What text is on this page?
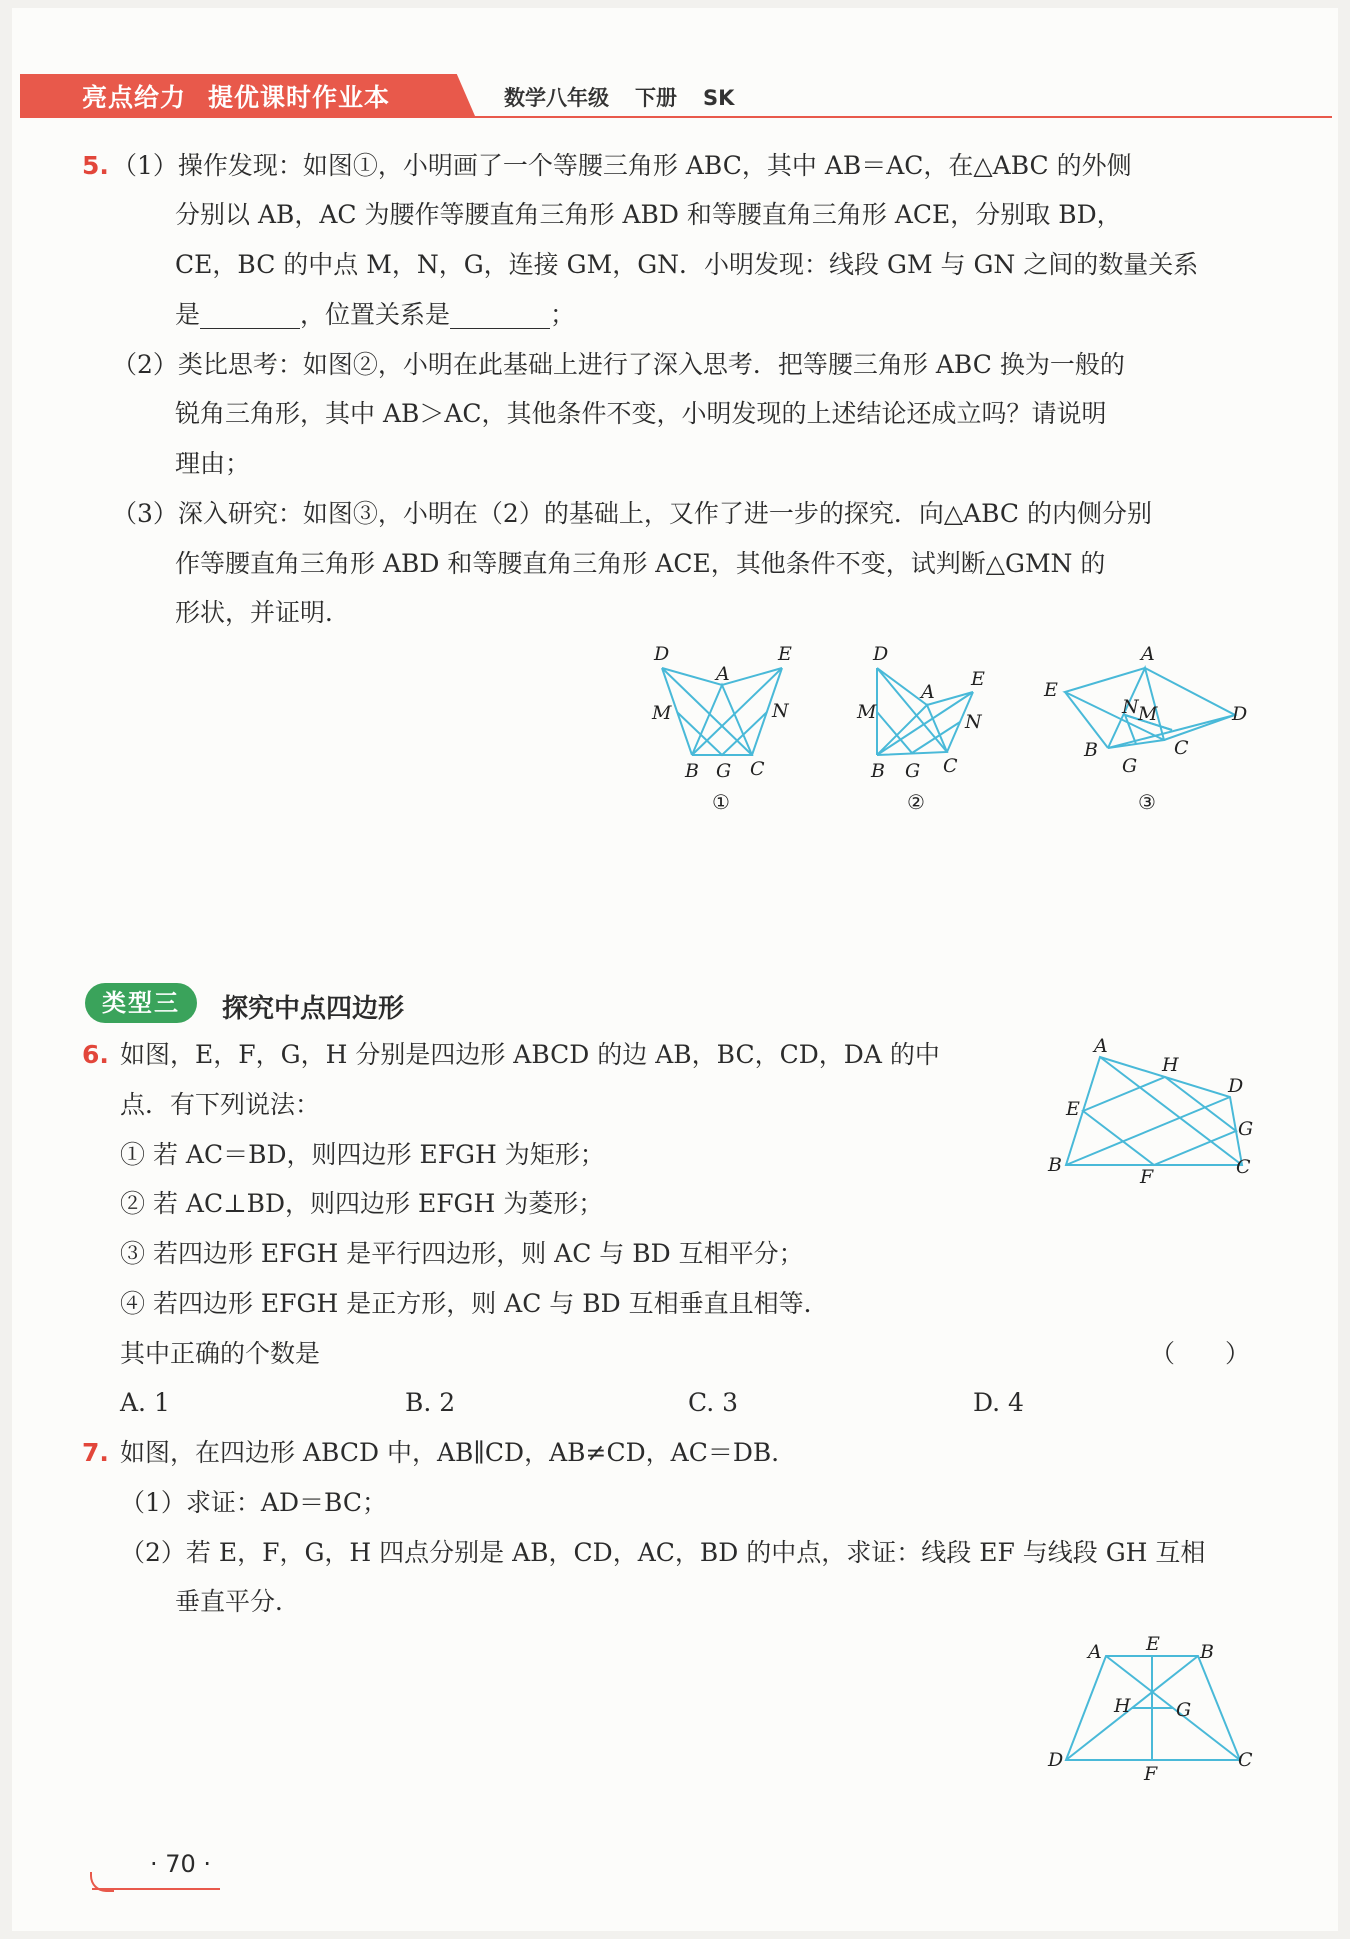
亮点给力 提优课时作业本	数学八年级 下册 SK
5. （1）操作发现：如图①，小明画了一个等腰三角形 ABC，其中 AB＝AC，在△ABC 的外侧
分别以 AB，AC 为腰作等腰直角三角形 ABD 和等腰直角三角形 ACE，分别取 BD，
CE，BC 的中点 M，N，G，连接 GM，GN．小明发现：线段 GM 与 GN 之间的数量关系
是________，位置关系是________；
（2）类比思考：如图②，小明在此基础上进行了深入思考．把等腰三角形 ABC 换为一般的
锐角三角形，其中 AB＞AC，其他条件不变，小明发现的上述结论还成立吗？请说明
理由；
（3）深入研究：如图③，小明在（2）的基础上，又作了进一步的探究．向△ABC 的内侧分别
作等腰直角三角形 ABD 和等腰直角三角形 ACE，其他条件不变，试判断△GMN 的
形状，并证明．
D	E
A
M	N
B G C
①
D
E
A
M	N
B G C
②
A
E
D
N M
B
G
C
③
类型三	探究中点四边形
6. 如图，E，F，G，H 分别是四边形 ABCD 的边 AB，BC，CD，DA 的中
点．有下列说法：
① 若 AC＝BD，则四边形 EFGH 为矩形；
② 若 AC⊥BD，则四边形 EFGH 为菱形；
③ 若四边形 EFGH 是平行四边形，则 AC 与 BD 互相平分；
④ 若四边形 EFGH 是正方形，则 AC 与 BD 互相垂直且相等．
其中正确的个数是	（　　）
A. 1	B. 2	C. 3	D. 4
A
H
D
E
G
B
F	C
7. 如图，在四边形 ABCD 中，AB∥CD，AB≠CD，AC＝DB．
（1）求证：AD＝BC；
（2）若 E，F，G，H 四点分别是 AB，CD，AC，BD 的中点，求证：线段 EF 与线段 GH 互相
垂直平分．
A E B
H G
D
F
C
· 70 ·
